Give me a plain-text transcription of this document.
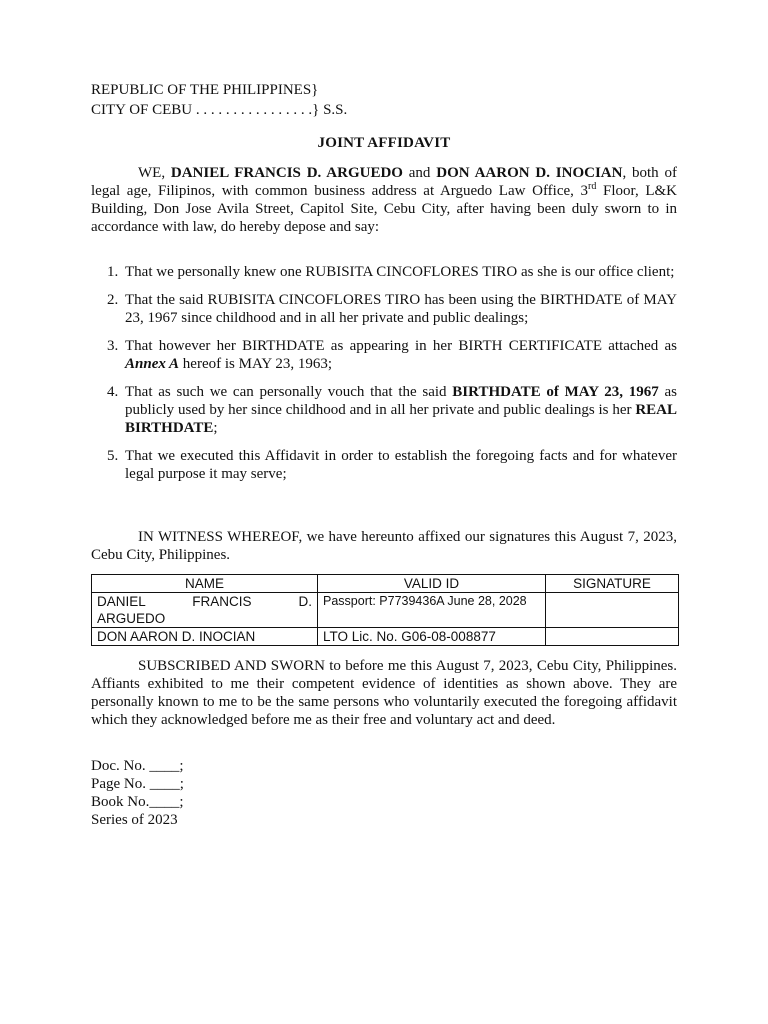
REPUBLIC OF THE PHILIPPINES}
CITY OF CEBU . . . . . . . . . . . . . . . .} S.S.
JOINT AFFIDAVIT
WE, DANIEL FRANCIS D. ARGUEDO and DON AARON D. INOCIAN, both of legal age, Filipinos, with common business address at Arguedo Law Office, 3rd Floor, L&K Building, Don Jose Avila Street, Capitol Site, Cebu City, after having been duly sworn to in accordance with law, do hereby depose and say:
1. That we personally knew one RUBISITA CINCOFLORES TIRO as she is our office client;
2. That the said RUBISITA CINCOFLORES TIRO has been using the BIRTHDATE of MAY 23, 1967 since childhood and in all her private and public dealings;
3. That however her BIRTHDATE as appearing in her BIRTH CERTIFICATE attached as Annex A hereof is MAY 23, 1963;
4. That as such we can personally vouch that the said BIRTHDATE of MAY 23, 1967 as publicly used by her since childhood and in all her private and public dealings is her REAL BIRTHDATE;
5. That we executed this Affidavit in order to establish the foregoing facts and for whatever legal purpose it may serve;
IN WITNESS WHEREOF, we have hereunto affixed our signatures this August 7, 2023, Cebu City, Philippines.
NAME	VALID ID	SIGNATURE

DANIEL FRANCIS D.
ARGUEDO	Passport: P7739436A June 28, 2028	

DON AARON D. INOCIAN	LTO Lic. No. G06-08-008877	
SUBSCRIBED AND SWORN to before me this August 7, 2023, Cebu City, Philippines. Affiants exhibited to me their competent evidence of identities as shown above. They are personally known to me to be the same persons who voluntarily executed the foregoing affidavit which they acknowledged before me as their free and voluntary act and deed.
Doc. No. ____;
Page No. ____;
Book No.____;
Series of 2023
